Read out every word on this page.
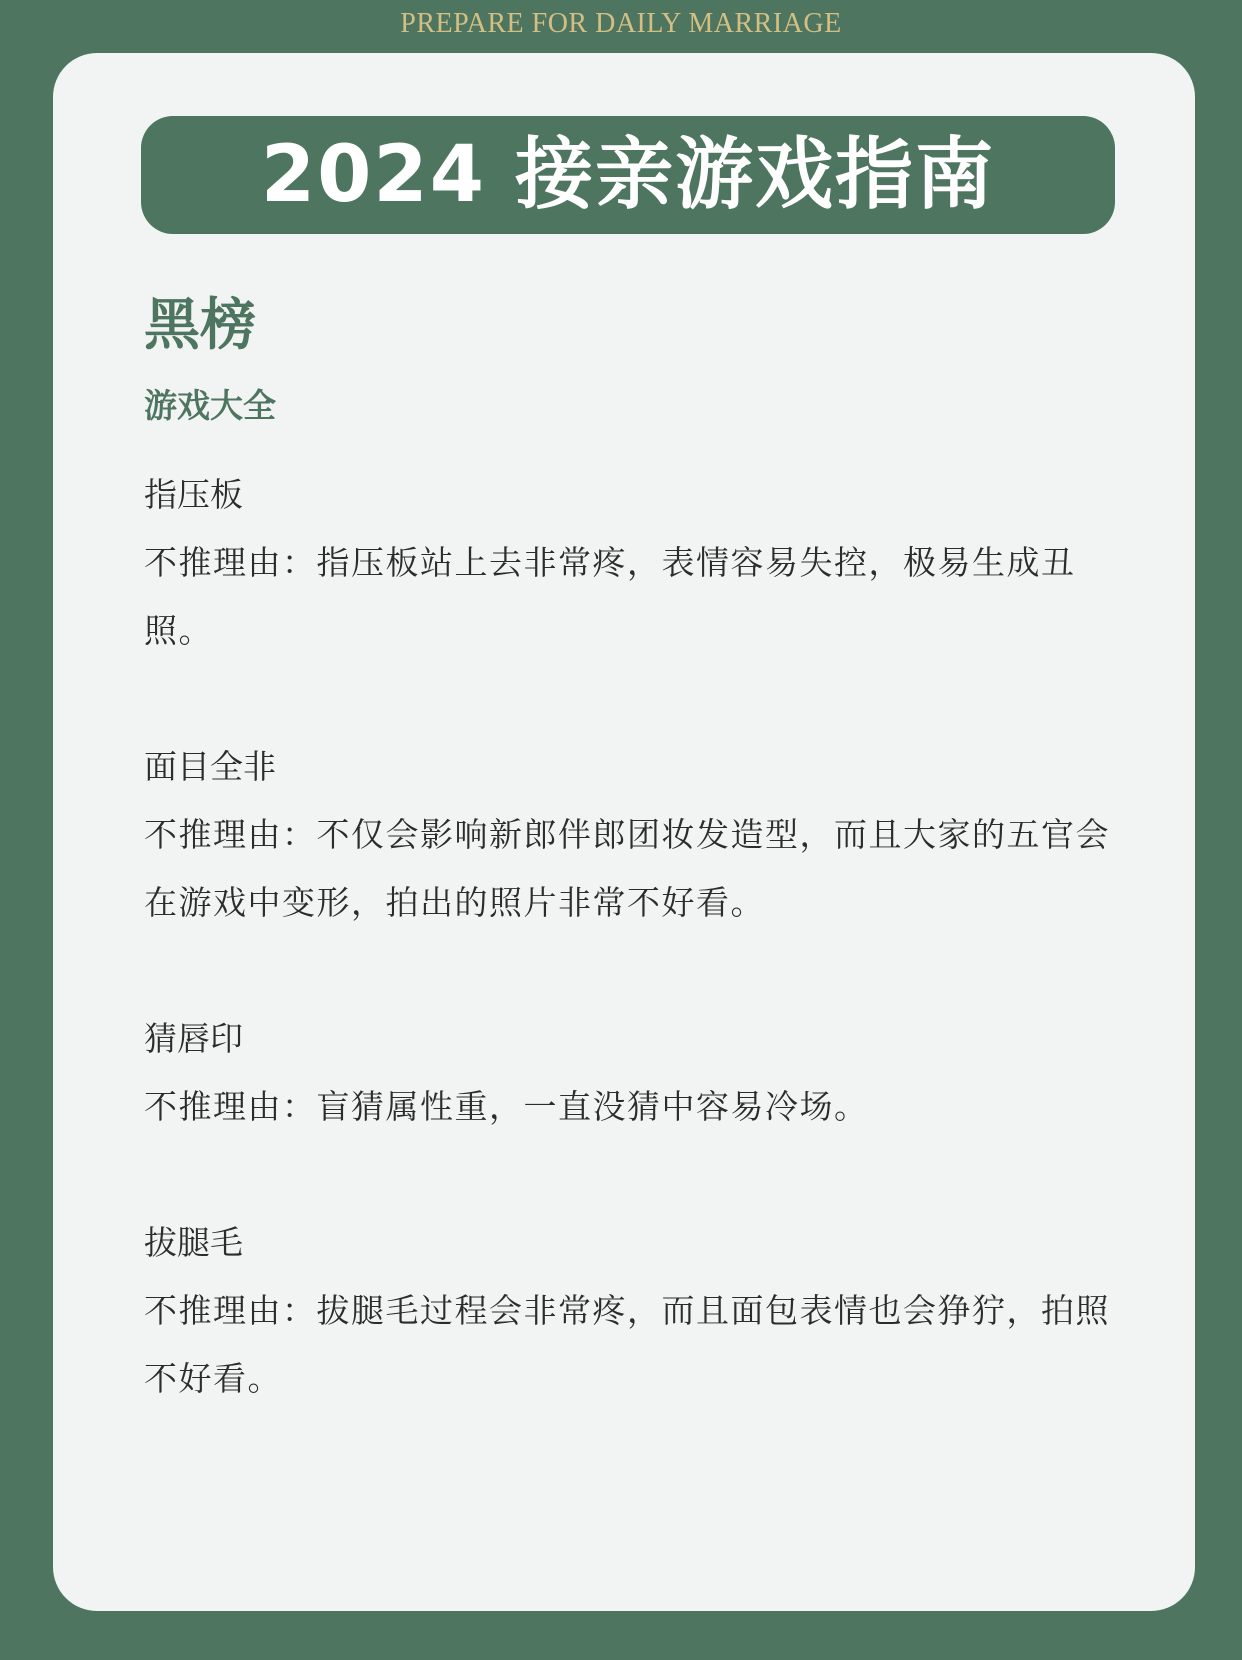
PREPARE FOR DAILY MARRIAGE
2024 接亲游戏指南
黑榜
游戏大全
指压板
不推理由：指压板站上去非常疼，表情容易失控，极易生成丑照。
面目全非
不推理由：不仅会影响新郎伴郎团妆发造型，而且大家的五官会在游戏中变形，拍出的照片非常不好看。
猜唇印
不推理由：盲猜属性重，一直没猜中容易冷场。
拔腿毛
不推理由：拔腿毛过程会非常疼，而且面包表情也会狰狞，拍照不好看。
